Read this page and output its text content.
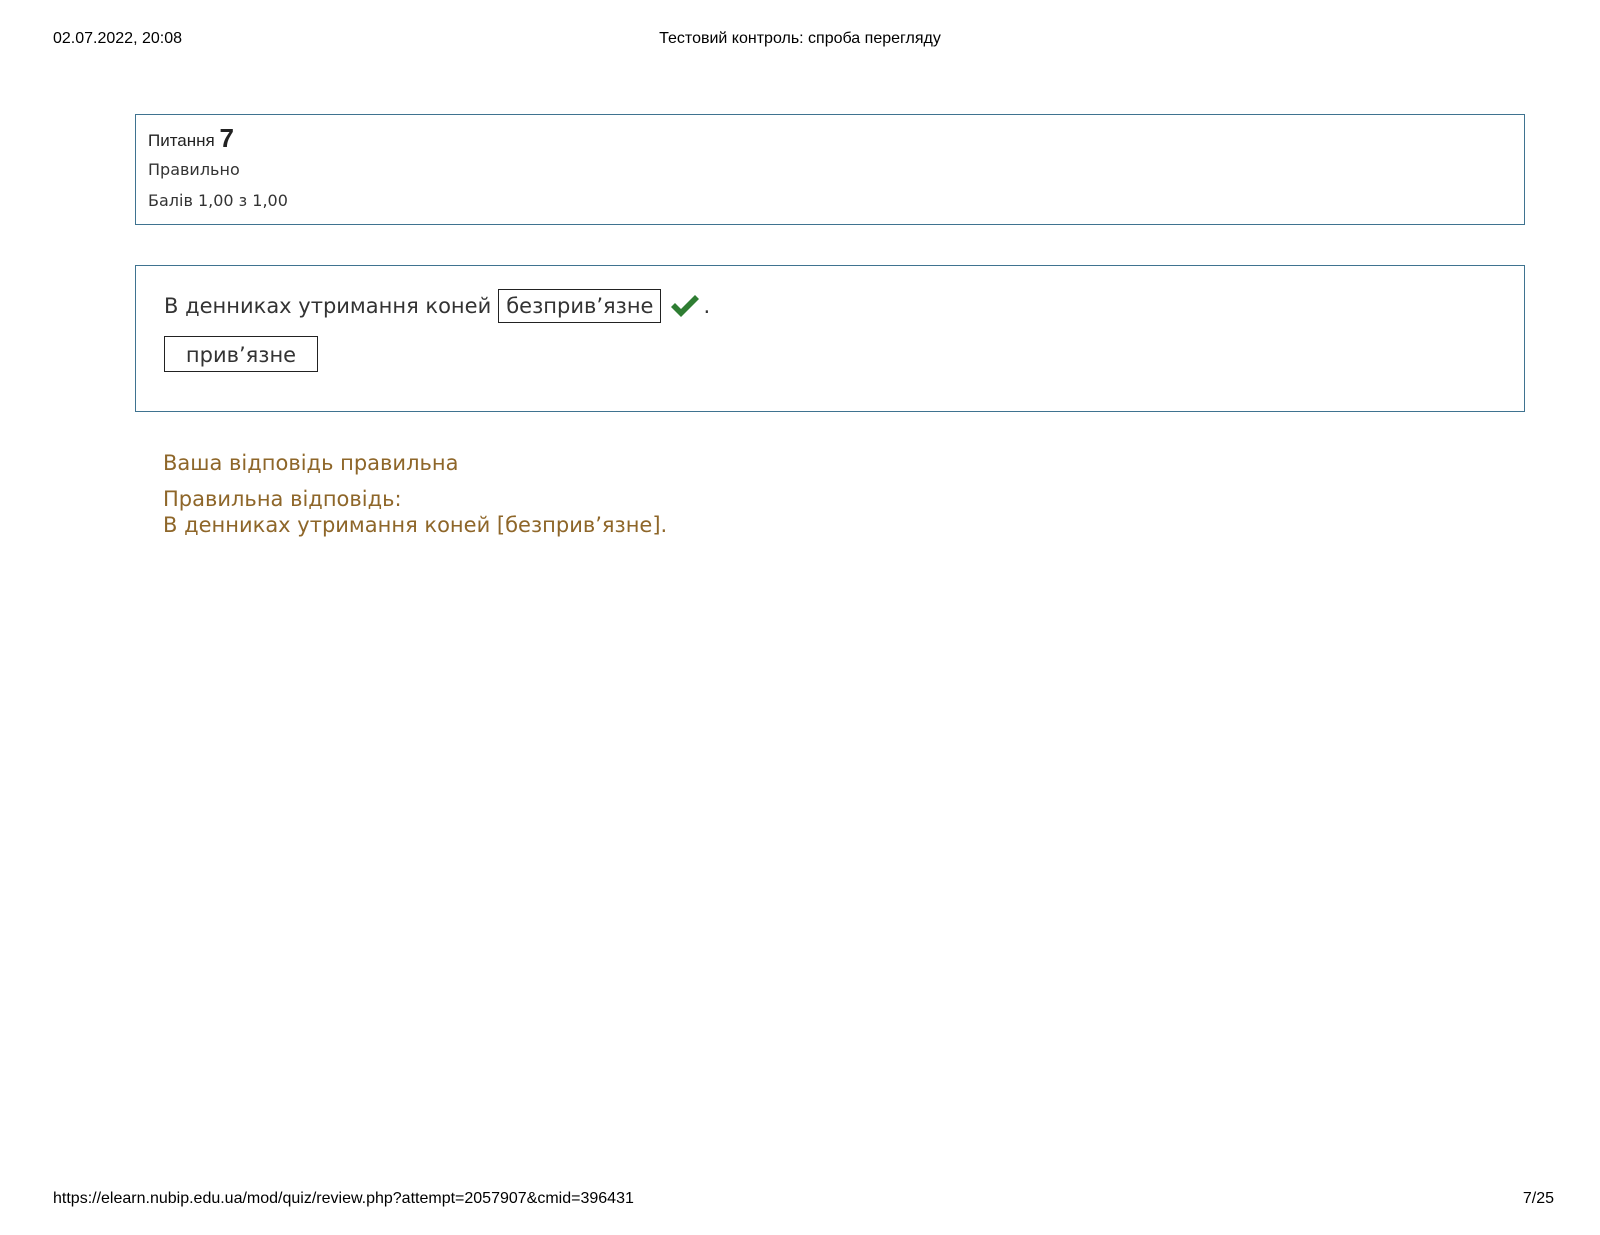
02.07.2022, 20:08	Тестовий контроль: спроба перегляду
Питання 7
Правильно
Балів 1,00 з 1,00
В денниках утримання коней безприв’язне	.
прив’язне
Ваша відповідь правильна
Правильна відповідь:
В денниках утримання коней [безприв’язне].
https://elearn.nubip.edu.ua/mod/quiz/review.php?attempt=2057907&cmid=396431	7/25
